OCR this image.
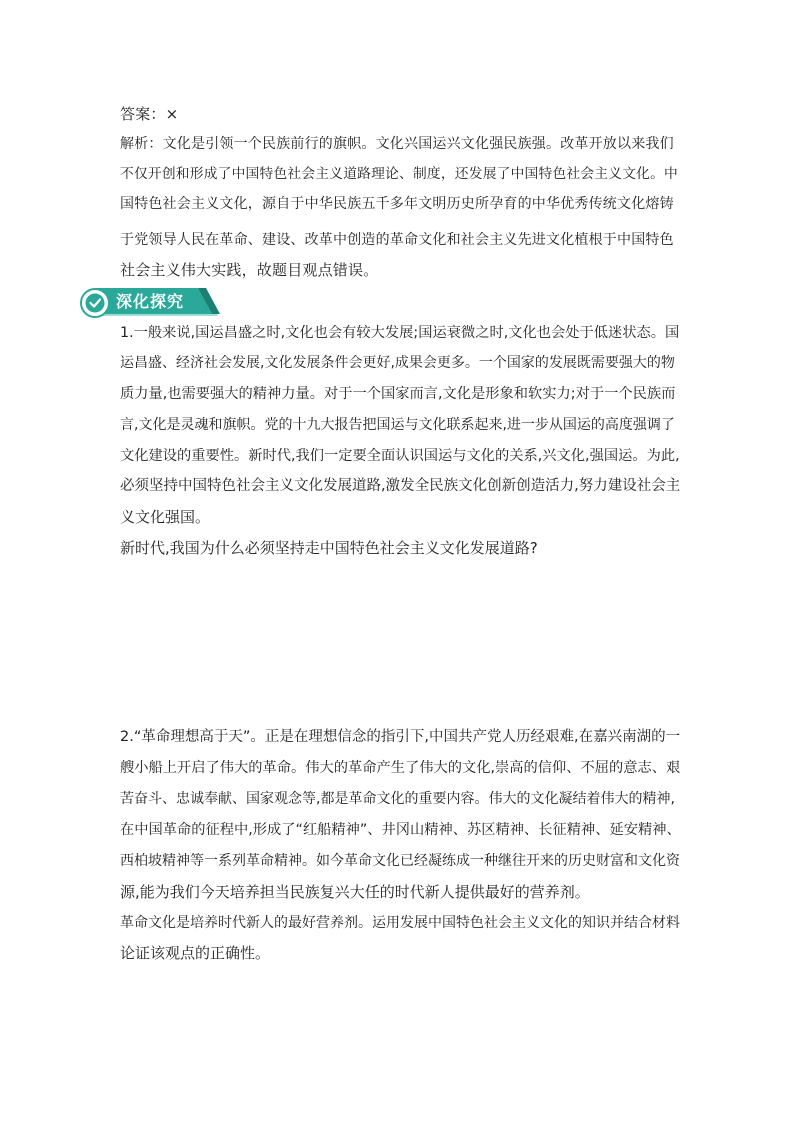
答案：×
解析：文化是引领一个民族前行的旗帜。文化兴国运兴文化强民族强。改革开放以来我们
不仅开创和形成了中国特色社会主义道路理论、制度，还发展了中国特色社会主义文化。中
国特色社会主义文化，源自于中华民族五千多年文明历史所孕育的中华优秀传统文化熔铸
于党领导人民在革命、建设、改革中创造的革命文化和社会主义先进文化植根于中国特色
社会主义伟大实践，故题目观点错误。
深化探究
1.一般来说,国运昌盛之时,文化也会有较大发展;国运衰微之时,文化也会处于低迷状态。国
运昌盛、经济社会发展,文化发展条件会更好,成果会更多。一个国家的发展既需要强大的物
质力量,也需要强大的精神力量。对于一个国家而言,文化是形象和软实力;对于一个民族而
言,文化是灵魂和旗帜。党的十九大报告把国运与文化联系起来,进一步从国运的高度强调了
文化建设的重要性。新时代,我们一定要全面认识国运与文化的关系,兴文化,强国运。为此,
必须坚持中国特色社会主义文化发展道路,激发全民族文化创新创造活力,努力建设社会主
义文化强国。
新时代,我国为什么必须坚持走中国特色社会主义文化发展道路?
2.“革命理想高于天”。正是在理想信念的指引下,中国共产党人历经艰难,在嘉兴南湖的一
艘小船上开启了伟大的革命。伟大的革命产生了伟大的文化,崇高的信仰、不屈的意志、艰
苦奋斗、忠诚奉献、国家观念等,都是革命文化的重要内容。伟大的文化凝结着伟大的精神,
在中国革命的征程中,形成了“红船精神”、井冈山精神、苏区精神、长征精神、延安精神、
西柏坡精神等一系列革命精神。如今革命文化已经凝练成一种继往开来的历史财富和文化资
源,能为我们今天培养担当民族复兴大任的时代新人提供最好的营养剂。
革命文化是培养时代新人的最好营养剂。运用发展中国特色社会主义文化的知识并结合材料
论证该观点的正确性。
